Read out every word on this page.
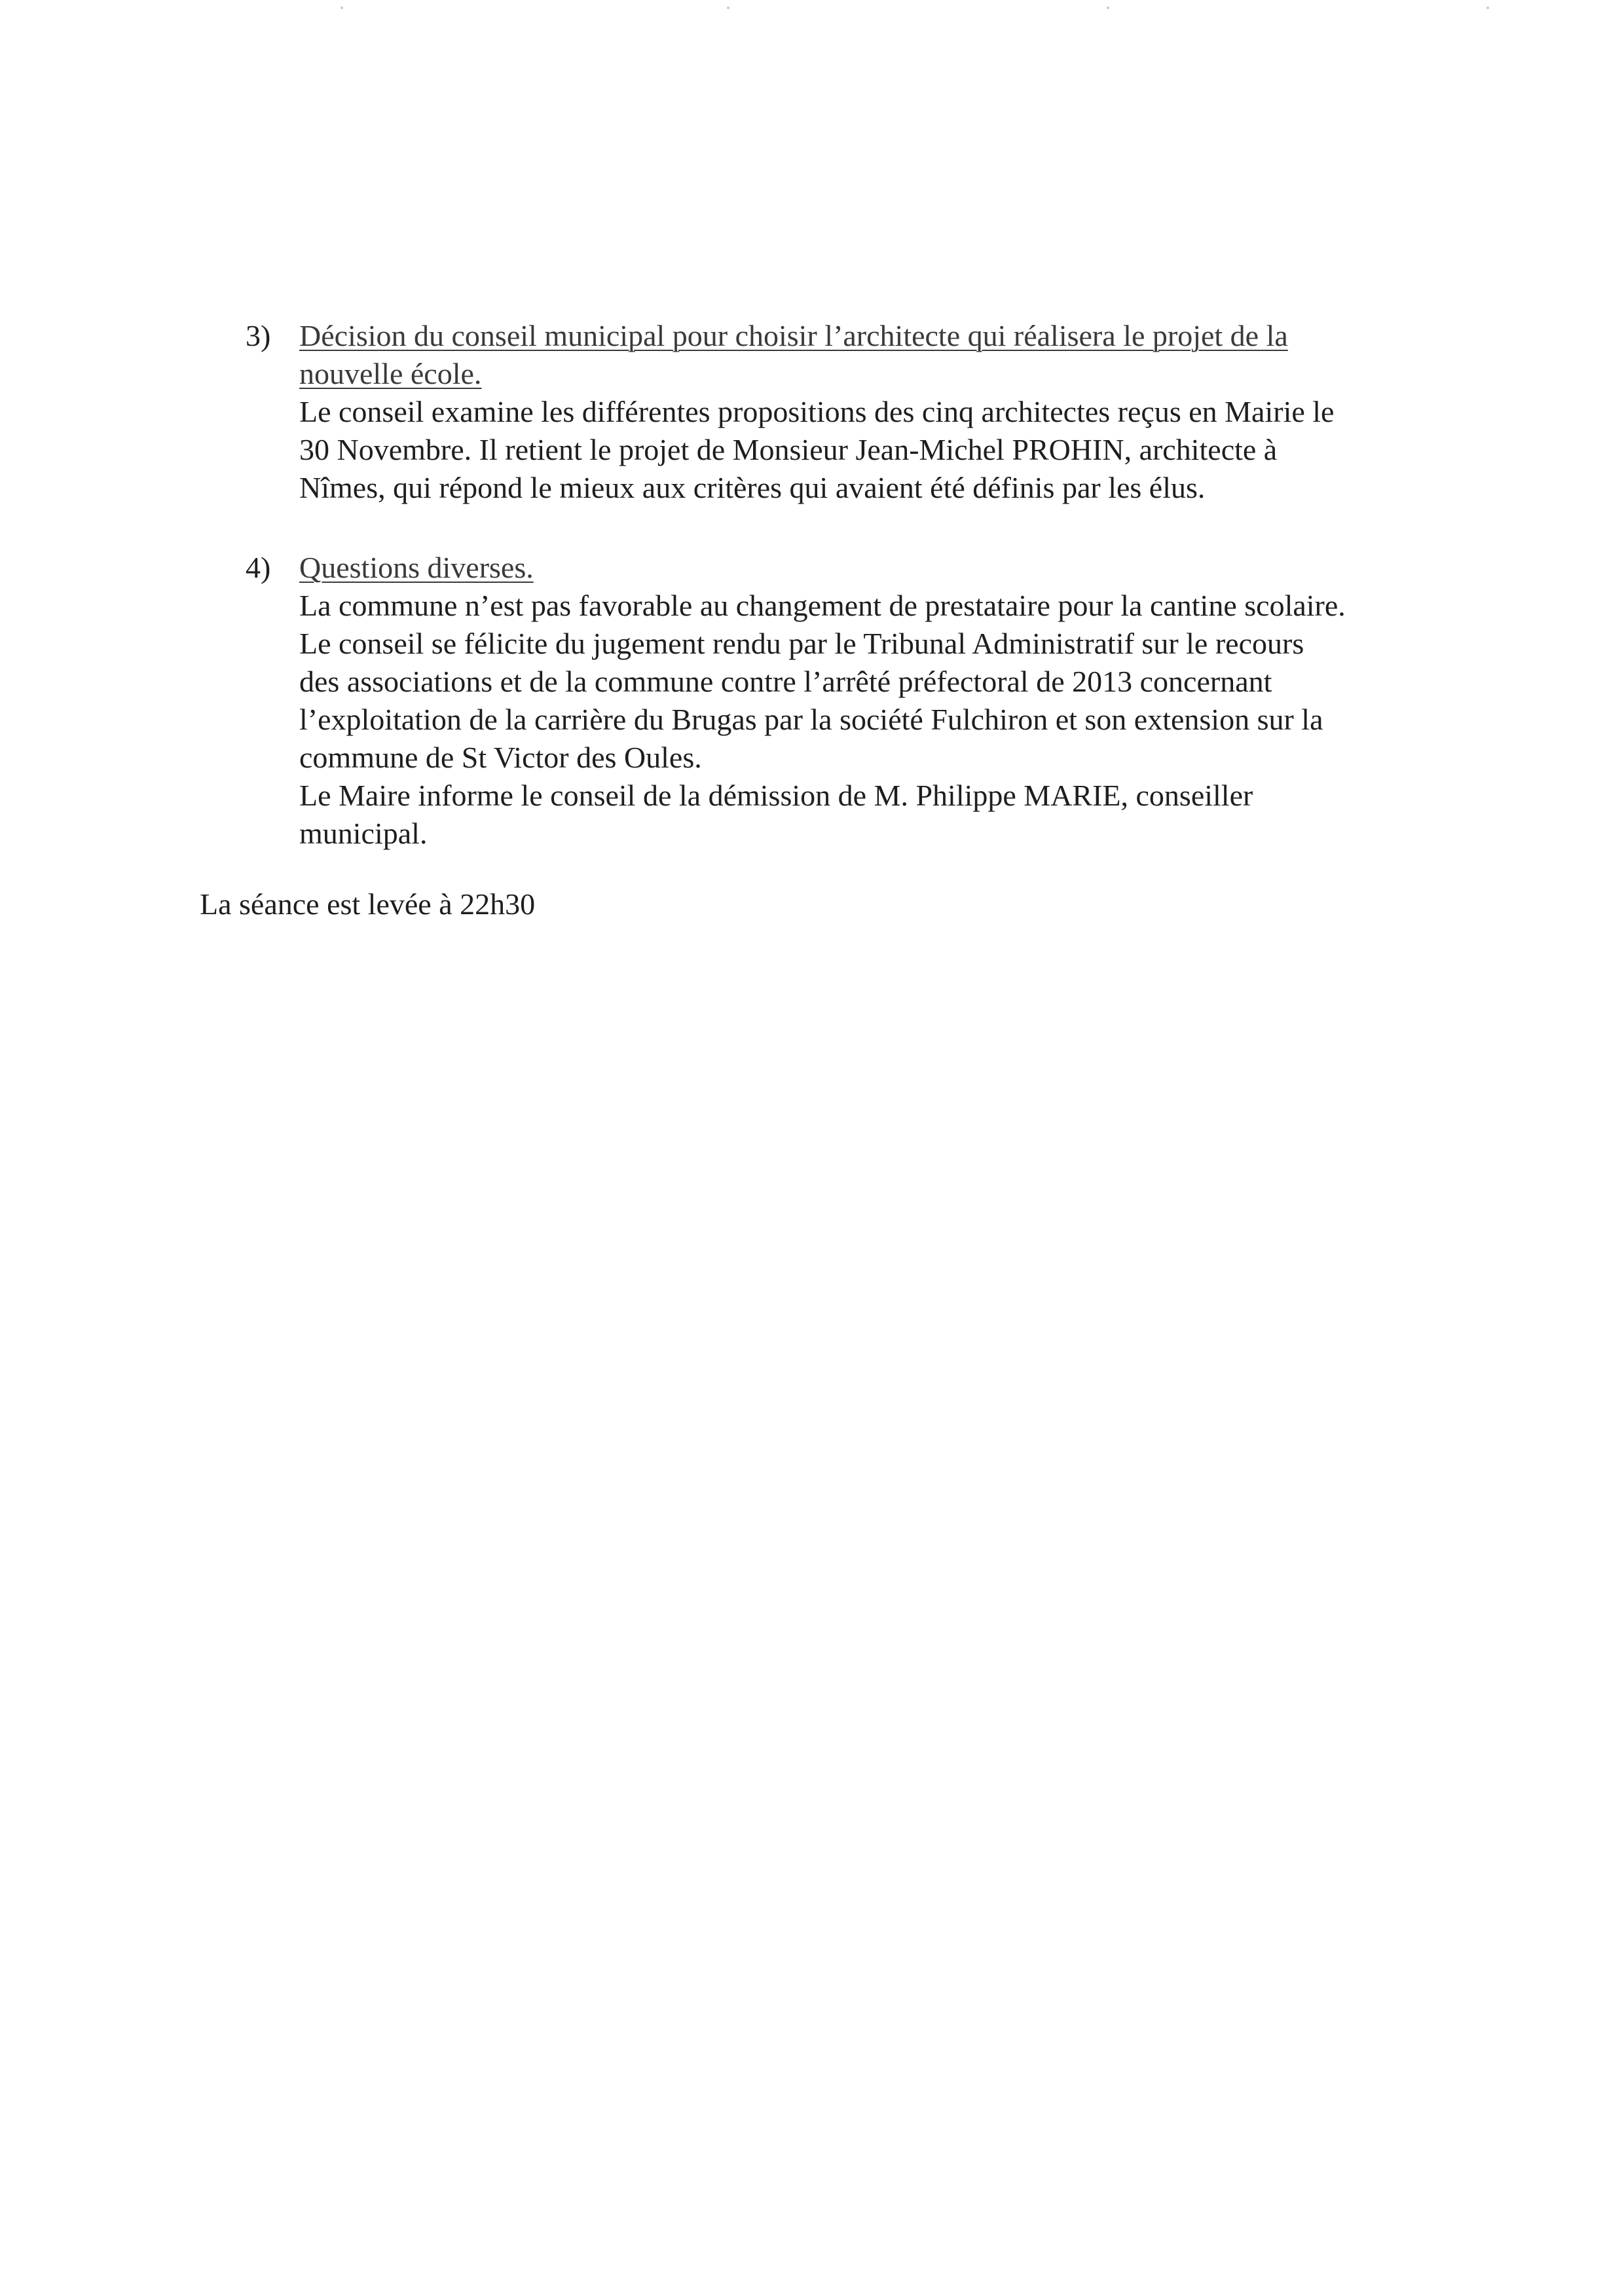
3) Décision du conseil municipal pour choisir l’architecte qui réalisera le projet de la
nouvelle école.
Le conseil examine les différentes propositions des cinq architectes reçus en Mairie le
30 Novembre. Il retient le projet de Monsieur Jean-Michel PROHIN, architecte à
Nîmes, qui répond le mieux aux critères qui avaient été définis par les élus.
4) Questions diverses.
La commune n’est pas favorable au changement de prestataire pour la cantine scolaire.
Le conseil se félicite du jugement rendu par le Tribunal Administratif sur le recours
des associations et de la commune contre l’arrêté préfectoral de 2013 concernant
l’exploitation de la carrière du Brugas par la société Fulchiron et son extension sur la
commune de St Victor des Oules.
Le Maire informe le conseil de la démission de M. Philippe MARIE, conseiller
municipal.
La séance est levée à 22h30
